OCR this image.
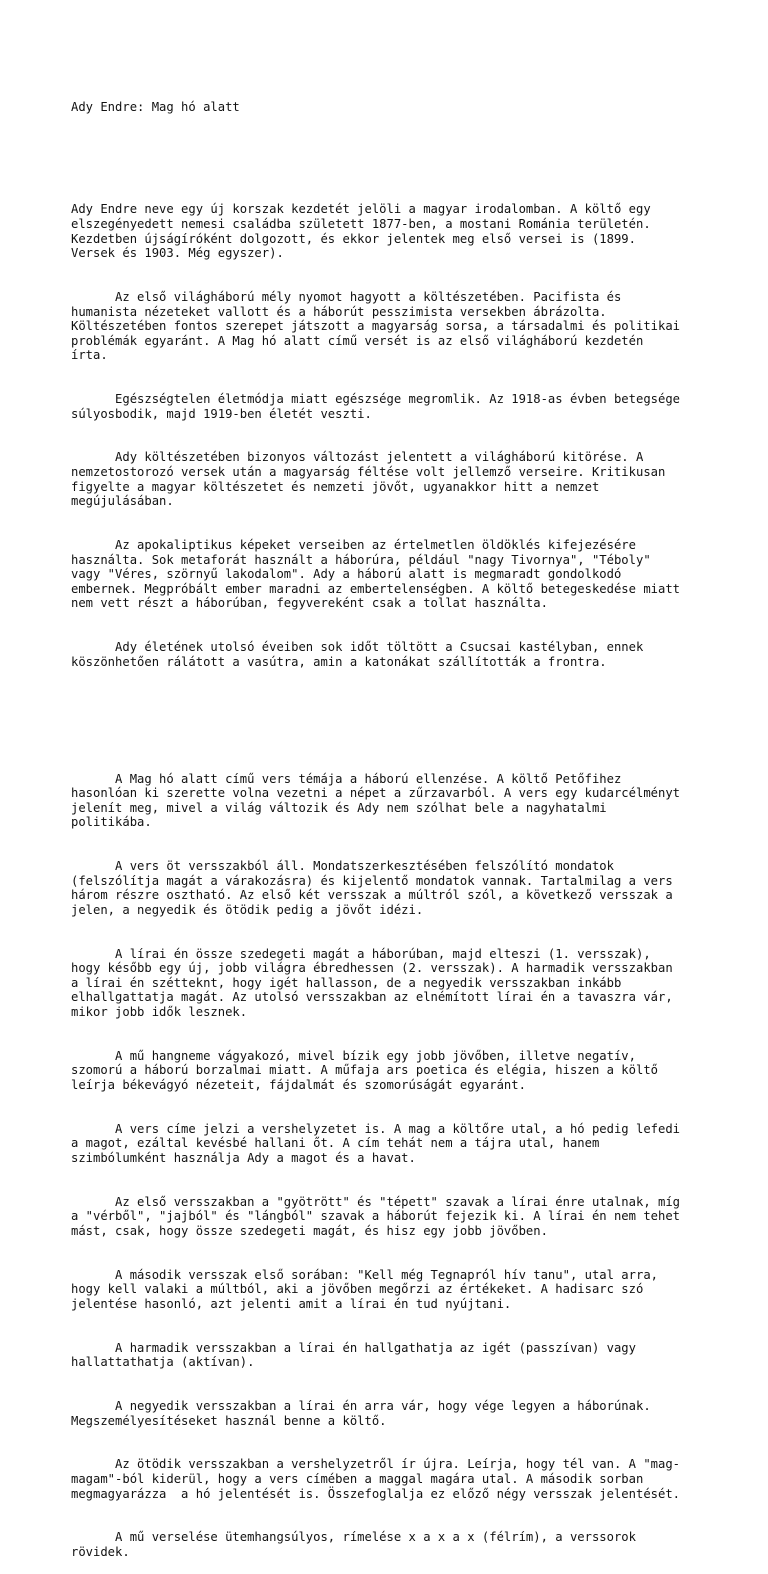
Ady Endre: Mag hó alatt

Ady Endre neve egy új korszak kezdetét jelöli a magyar irodalomban. A költő egy
elszegényedett nemesi családba született 1877-ben, a mostani Románia területén.
Kezdetben újságíróként dolgozott, és ekkor jelentek meg első versei is (1899.
Versek és 1903. Még egyszer).

Az első világháború mély nyomot hagyott a költészetében. Pacifista és
humanista nézeteket vallott és a háborút pesszimista versekben ábrázolta.
Költészetében fontos szerepet játszott a magyarság sorsa, a társadalmi és politikai
problémák egyaránt. A Mag hó alatt című versét is az első világháború kezdetén
írta.

Egészségtelen életmódja miatt egészsége megromlik. Az 1918-as évben betegsége
súlyosbodik, majd 1919-ben életét veszti.

Ady költészetében bizonyos változást jelentett a világháború kitörése. A
nemzetostorozó versek után a magyarság féltése volt jellemző verseire. Kritikusan
figyelte a magyar költészetet és nemzeti jövőt, ugyanakkor hitt a nemzet
megújulásában.

Az apokaliptikus képeket verseiben az értelmetlen öldöklés kifejezésére
használta. Sok metaforát használt a háborúra, például "nagy Tivornya", "Téboly"
vagy "Véres, szörnyű lakodalom". Ady a háború alatt is megmaradt gondolkodó
embernek. Megpróbált ember maradni az embertelenségben. A költő betegeskedése miatt
nem vett részt a háborúban, fegyvereként csak a tollat használta.

Ady életének utolsó éveiben sok időt töltött a Csucsai kastélyban, ennek
köszönhetően rálátott a vasútra, amin a katonákat szállították a frontra.

A Mag hó alatt című vers témája a háború ellenzése. A költő Petőfihez
hasonlóan ki szerette volna vezetni a népet a zűrzavarból. A vers egy kudarcélményt
jelenít meg, mivel a világ változik és Ady nem szólhat bele a nagyhatalmi
politikába.

A vers öt versszakból áll. Mondatszerkesztésében felszólító mondatok
(felszólítja magát a várakozásra) és kijelentő mondatok vannak. Tartalmilag a vers
három részre osztható. Az első két versszak a múltról szól, a következő versszak a
jelen, a negyedik és ötödik pedig a jövőt idézi.

A lírai én össze szedegeti magát a háborúban, majd elteszi (1. versszak),
hogy később egy új, jobb világra ébredhessen (2. versszak). A harmadik versszakban
a lírai én szétteknt, hogy igét hallasson, de a negyedik versszakban inkább
elhallgattatja magát. Az utolsó versszakban az elnémított lírai én a tavaszra vár,
mikor jobb idők lesznek.

A mű hangneme vágyakozó, mivel bízik egy jobb jövőben, illetve negatív,
szomorú a háború borzalmai miatt. A műfaja ars poetica és elégia, hiszen a költő
leírja békevágyó nézeteit, fájdalmát és szomorúságát egyaránt.

A vers címe jelzi a vershelyzetet is. A mag a költőre utal, a hó pedig lefedi
a magot, ezáltal kevésbé hallani őt. A cím tehát nem a tájra utal, hanem
szimbólumként használja Ady a magot és a havat.

Az első versszakban a "gyötrött" és "tépett" szavak a lírai énre utalnak, míg
a "vérből", "jajból" és "lángból" szavak a háborút fejezik ki. A lírai én nem tehet
mást, csak, hogy össze szedegeti magát, és hisz egy jobb jövőben.

A második versszak első sorában: "Kell még Tegnapról hív tanu", utal arra,
hogy kell valaki a múltból, aki a jövőben megőrzi az értékeket. A hadisarc szó
jelentése hasonló, azt jelenti amit a lírai én tud nyújtani.

A harmadik versszakban a lírai én hallgathatja az igét (passzívan) vagy
hallattathatja (aktívan).

A negyedik versszakban a lírai én arra vár, hogy vége legyen a háborúnak.
Megszemélyesítéseket használ benne a költő.

Az ötödik versszakban a vershelyzetről ír újra. Leírja, hogy tél van. A "mag-
magam"-ból kiderül, hogy a vers címében a maggal magára utal. A második sorban
megmagyarázza  a hó jelentését is. Összefoglalja ez előző négy versszak jelentését.

A mű verselése ütemhangsúlyos, rímelése x a x a x (félrím), a verssorok
rövidek.
